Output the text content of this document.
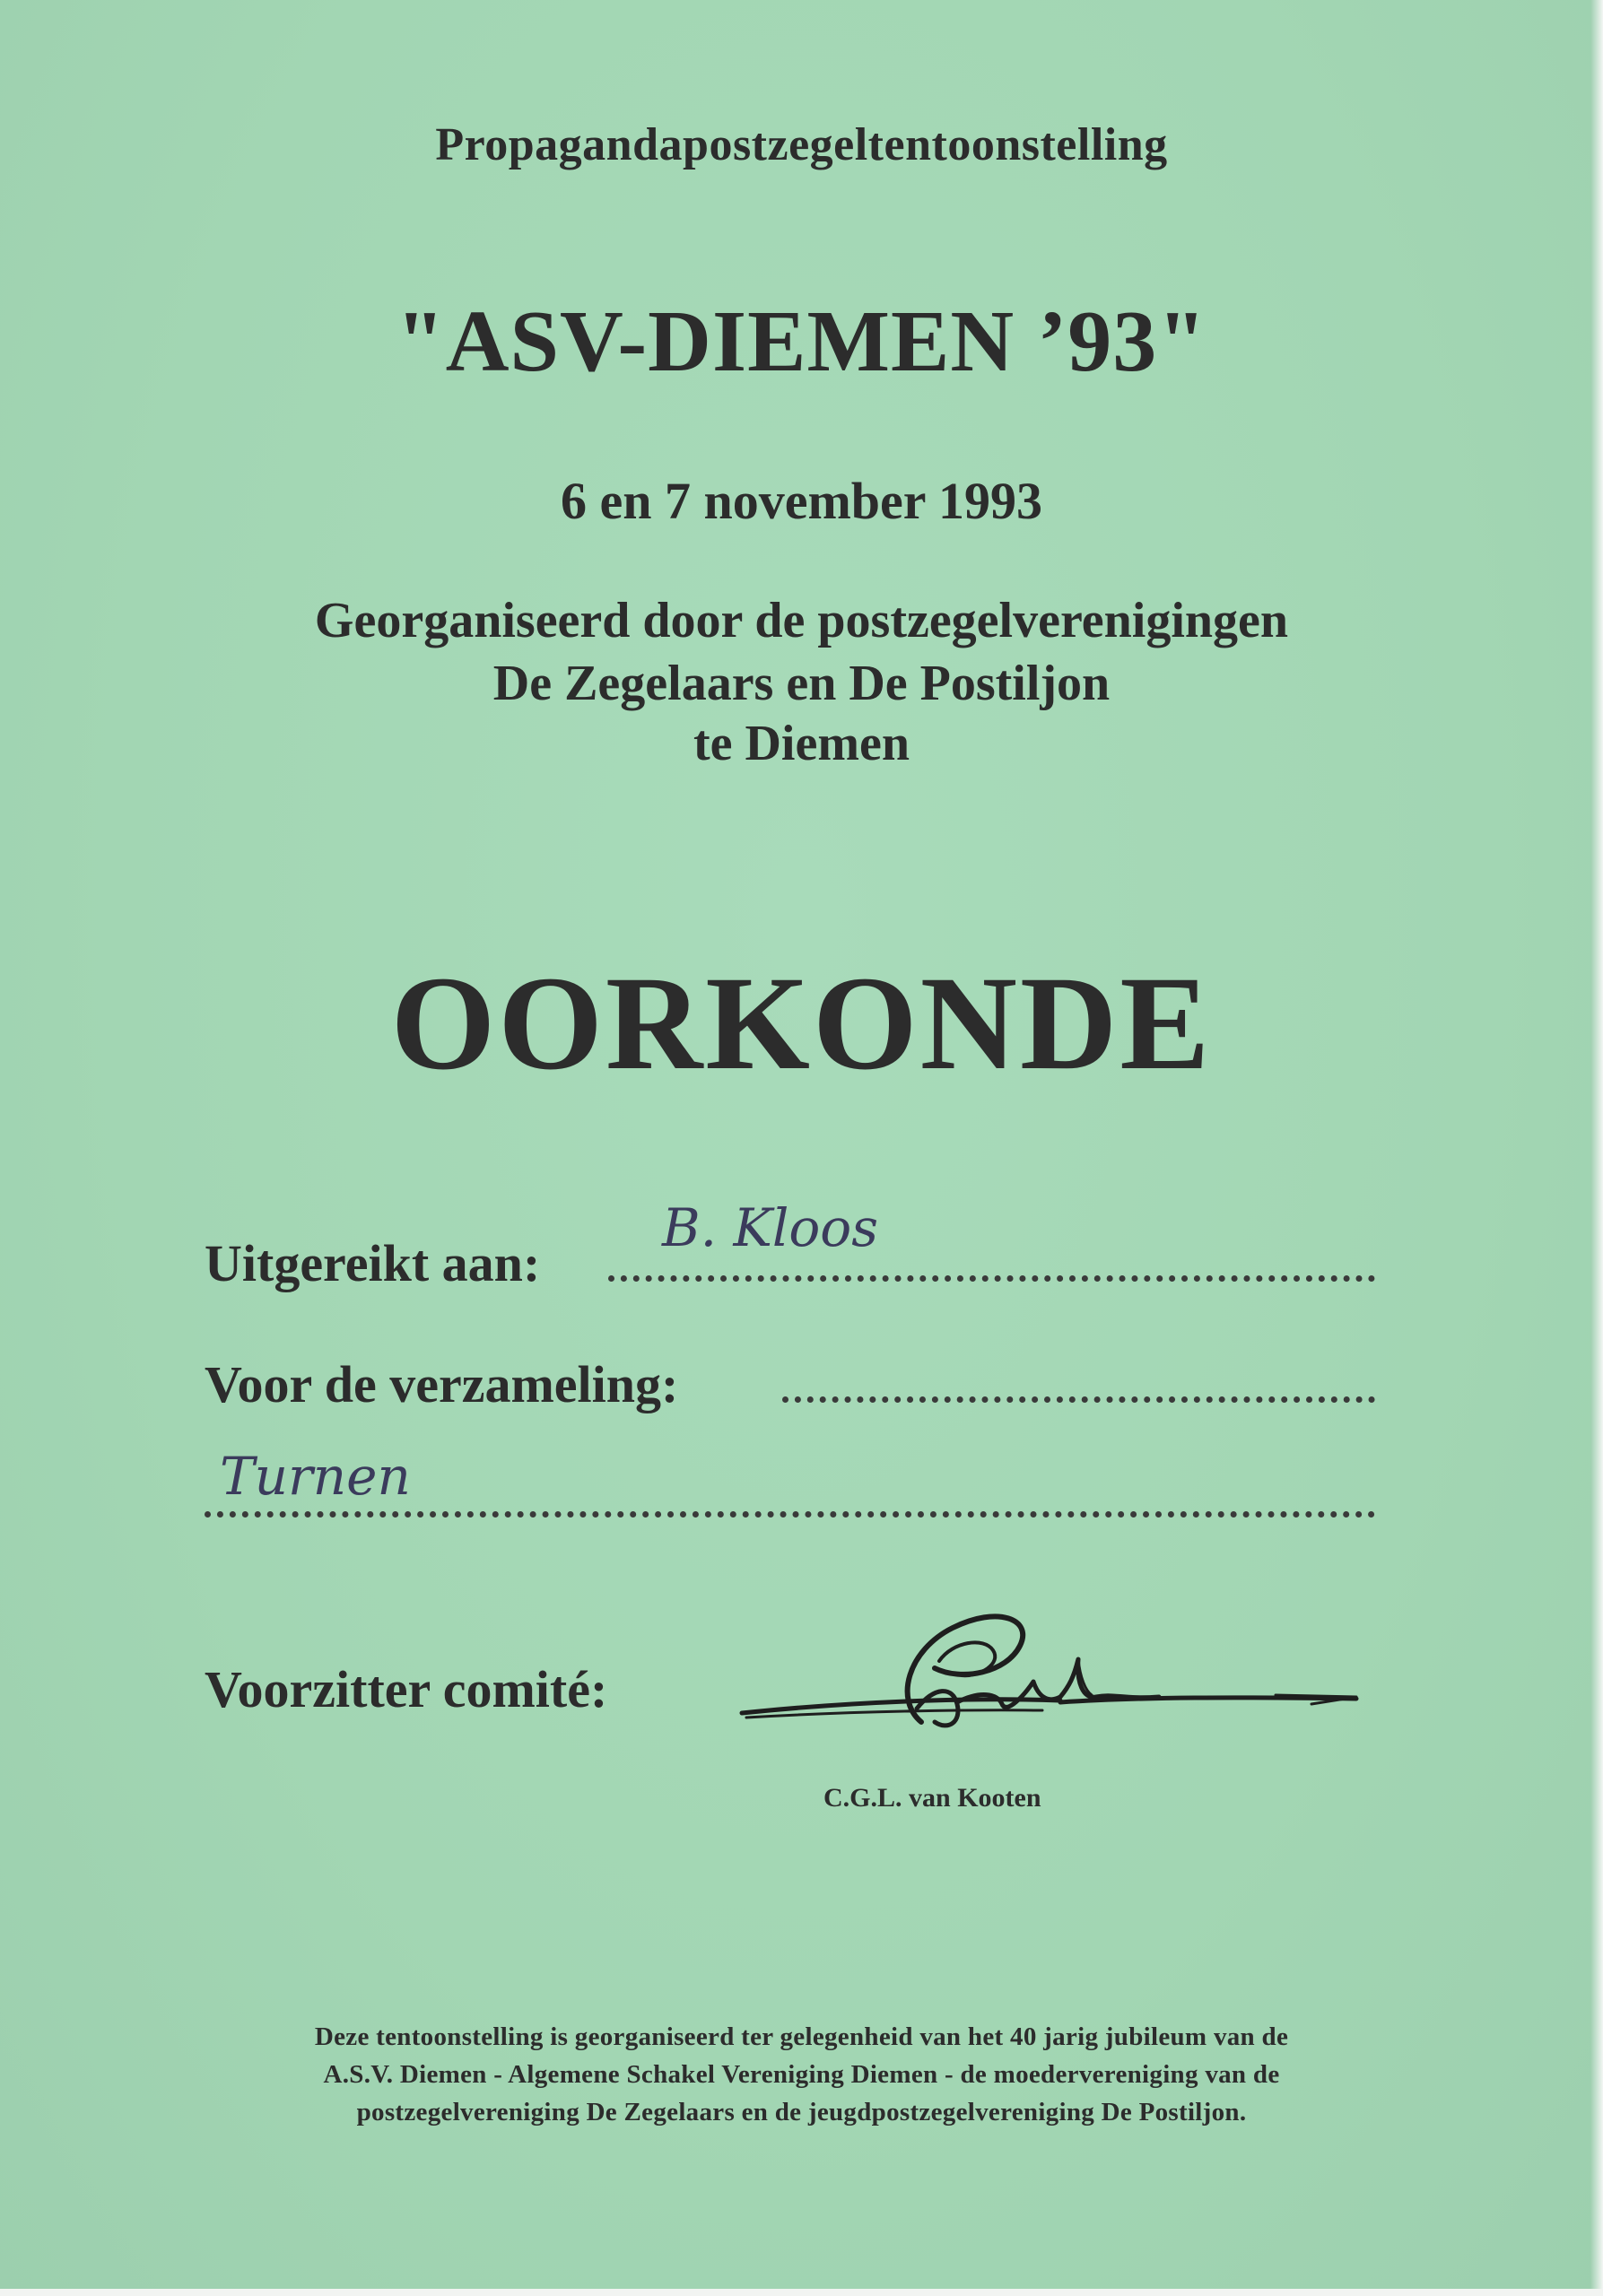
Propagandapostzegeltentoonstelling
"ASV-DIEMEN ’93"
6 en 7 november 1993
Georganiseerd door de postzegelverenigingen
De Zegelaars en De Postiljon
te Diemen
OORKONDE
Uitgereikt aan:
B. Kloos
Voor de verzameling:
Turnen
Voorzitter comité:
C.G.L. van Kooten
Deze tentoonstelling is georganiseerd ter gelegenheid van het 40 jarig jubileum van de
A.S.V. Diemen - Algemene Schakel Vereniging Diemen - de moedervereniging van de
postzegelvereniging De Zegelaars en de jeugdpostzegelvereniging De Postiljon.
